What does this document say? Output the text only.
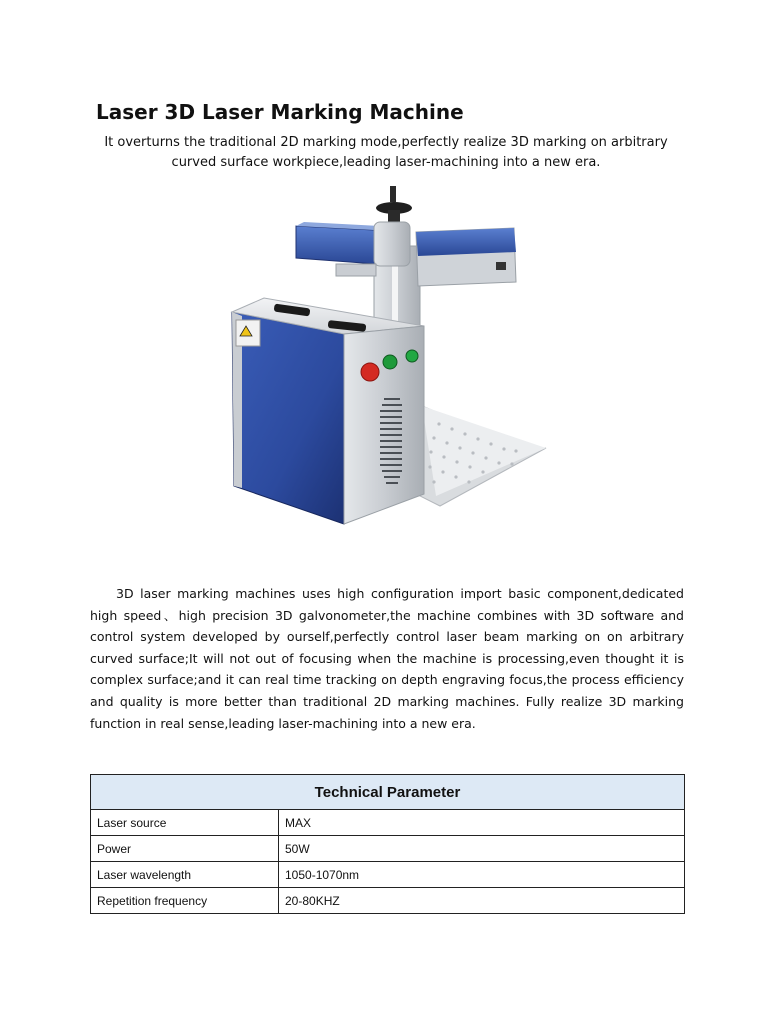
Laser 3D Laser Marking Machine

It overturns the traditional 2D marking mode,perfectly realize 3D marking on arbitrary curved surface workpiece,leading laser-machining into a new era.

3D laser marking machines uses high configuration import basic component,dedicated high speed、high precision 3D galvonometer,the machine combines with 3D software and control system developed by ourself,perfectly control laser beam marking on on arbitrary curved surface;It will not out of focusing when the machine is processing,even thought it is complex surface;and it can real time tracking on depth engraving focus,the process efficiency and quality is more better than traditional 2D marking machines. Fully realize 3D marking function in real sense,leading laser-machining into a new era.

Technical Parameter	
Laser source	MAX
Power	50W
Laser wavelength	1050-1070nm
Repetition frequency	20-80KHZ
